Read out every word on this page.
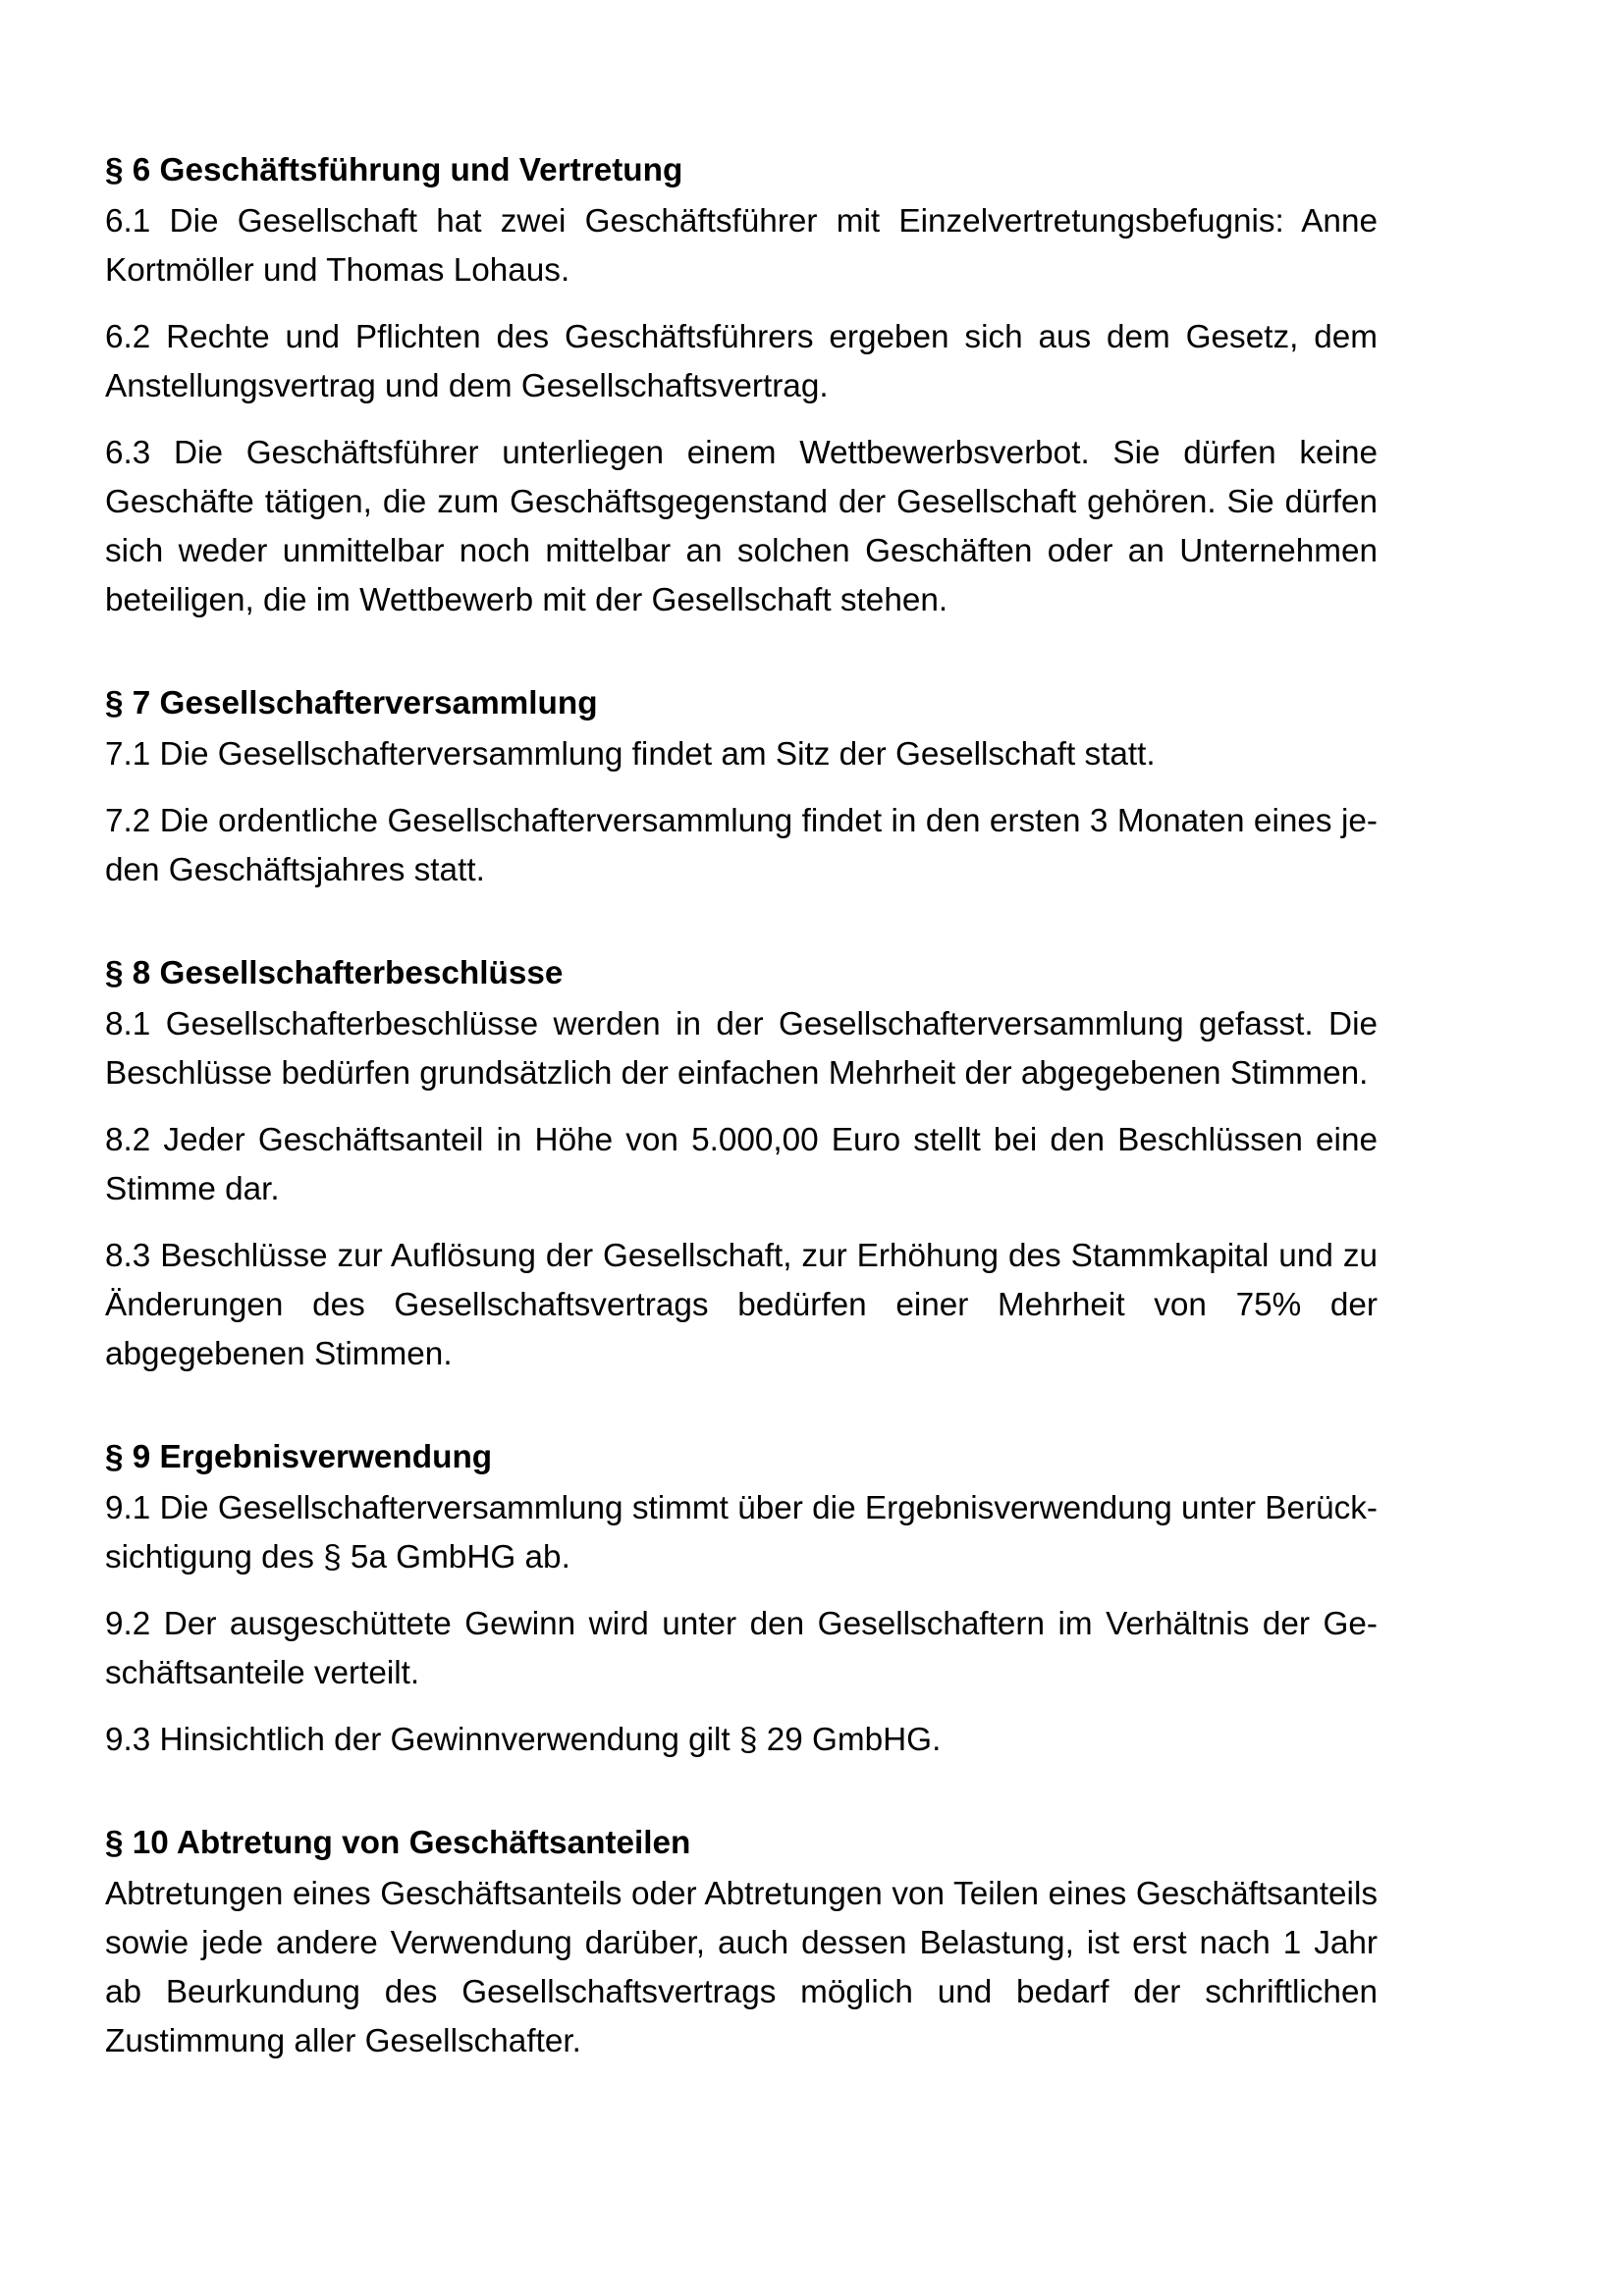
§ 6 Geschäftsführung und Vertretung

6.1 Die Gesellschaft hat zwei Geschäftsführer mit Einzelvertretungsbefugnis: Anne Kortmöller und Thomas Lohaus.

6.2 Rechte und Pflichten des Geschäftsführers ergeben sich aus dem Gesetz, dem Anstellungsvertrag und dem Gesellschaftsvertrag.

6.3 Die Geschäftsführer unterliegen einem Wettbewerbsverbot. Sie dürfen keine Geschäfte tätigen, die zum Geschäftsgegenstand der Gesellschaft gehören. Sie dürfen sich weder unmittelbar noch mittelbar an solchen Geschäften oder an Unternehmen beteiligen, die im Wettbewerb mit der Gesellschaft stehen.

§ 7 Gesellschafterversammlung

7.1 Die Gesellschafterversammlung findet am Sitz der Gesellschaft statt.

7.2 Die ordentliche Gesellschafterversammlung findet in den ersten 3 Monaten eines jeden Geschäftsjahres statt.

§ 8 Gesellschafterbeschlüsse

8.1 Gesellschafterbeschlüsse werden in der Gesellschafterversammlung gefasst. Die Beschlüsse bedürfen grundsätzlich der einfachen Mehrheit der abgegebenen Stimmen.

8.2 Jeder Geschäftsanteil in Höhe von 5.000,00 Euro stellt bei den Beschlüssen eine Stimme dar.

8.3 Beschlüsse zur Auflösung der Gesellschaft, zur Erhöhung des Stammkapital und zu Änderungen des Gesellschaftsvertrags bedürfen einer Mehrheit von 75% der abgegebenen Stimmen.

§ 9 Ergebnisverwendung

9.1 Die Gesellschafterversammlung stimmt über die Ergebnisverwendung unter Berücksichtigung des § 5a GmbHG ab.

9.2 Der ausgeschüttete Gewinn wird unter den Gesellschaftern im Verhältnis der Geschäftsanteile verteilt.

9.3 Hinsichtlich der Gewinnverwendung gilt § 29 GmbHG.

§ 10 Abtretung von Geschäftsanteilen

Abtretungen eines Geschäftsanteils oder Abtretungen von Teilen eines Geschäftsanteils sowie jede andere Verwendung darüber, auch dessen Belastung, ist erst nach 1 Jahr ab Beurkundung des Gesellschaftsvertrags möglich und bedarf der schriftlichen Zustimmung aller Gesellschafter.
